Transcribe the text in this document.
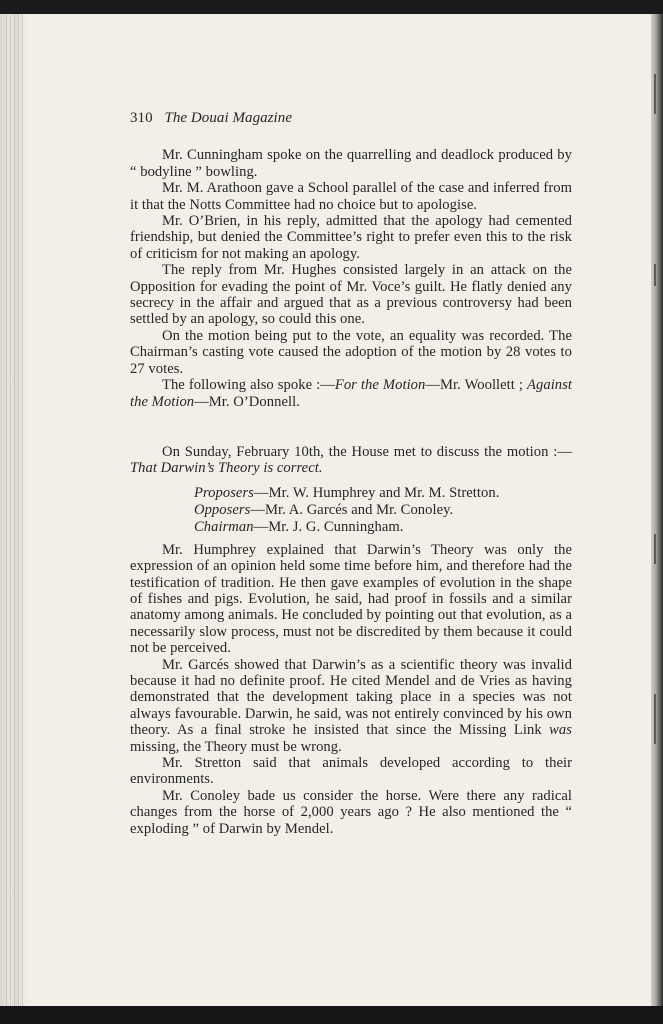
310 The Douai Magazine

Mr. Cunningham spoke on the quarrelling and deadlock produced by “ bodyline ” bowling.

Mr. M. Arathoon gave a School parallel of the case and inferred from it that the Notts Committee had no choice but to apologise.

Mr. O’Brien, in his reply, admitted that the apology had cemented friendship, but denied the Committee’s right to prefer even this to the risk of criticism for not making an apology.

The reply from Mr. Hughes consisted largely in an attack on the Opposition for evading the point of Mr. Voce’s guilt. He flatly denied any secrecy in the affair and argued that as a previous controversy had been settled by an apology, so could this one.

On the motion being put to the vote, an equality was recorded. The Chairman’s casting vote caused the adoption of the motion by 28 votes to 27 votes.

The following also spoke :—For the Motion—Mr. Woollett ; Against the Motion—Mr. O’Donnell.

On Sunday, February 10th, the House met to discuss the motion :—That Darwin’s Theory is correct.

Proposers—Mr. W. Humphrey and Mr. M. Stretton.
Opposers—Mr. A. Garcés and Mr. Conoley.
Chairman—Mr. J. G. Cunningham.

Mr. Humphrey explained that Darwin’s Theory was only the expression of an opinion held some time before him, and therefore had the testification of tradition. He then gave examples of evolution in the shape of fishes and pigs. Evolution, he said, had proof in fossils and a similar anatomy among animals. He concluded by pointing out that evolution, as a necessarily slow process, must not be discredited by them because it could not be perceived.

Mr. Garcés showed that Darwin’s as a scientific theory was invalid because it had no definite proof. He cited Mendel and de Vries as having demonstrated that the development taking place in a species was not always favourable. Darwin, he said, was not entirely convinced by his own theory. As a final stroke he insisted that since the Missing Link was missing, the Theory must be wrong.

Mr. Stretton said that animals developed according to their environments.

Mr. Conoley bade us consider the horse. Were there any radical changes from the horse of 2,000 years ago ? He also mentioned the “ exploding ” of Darwin by Mendel.
